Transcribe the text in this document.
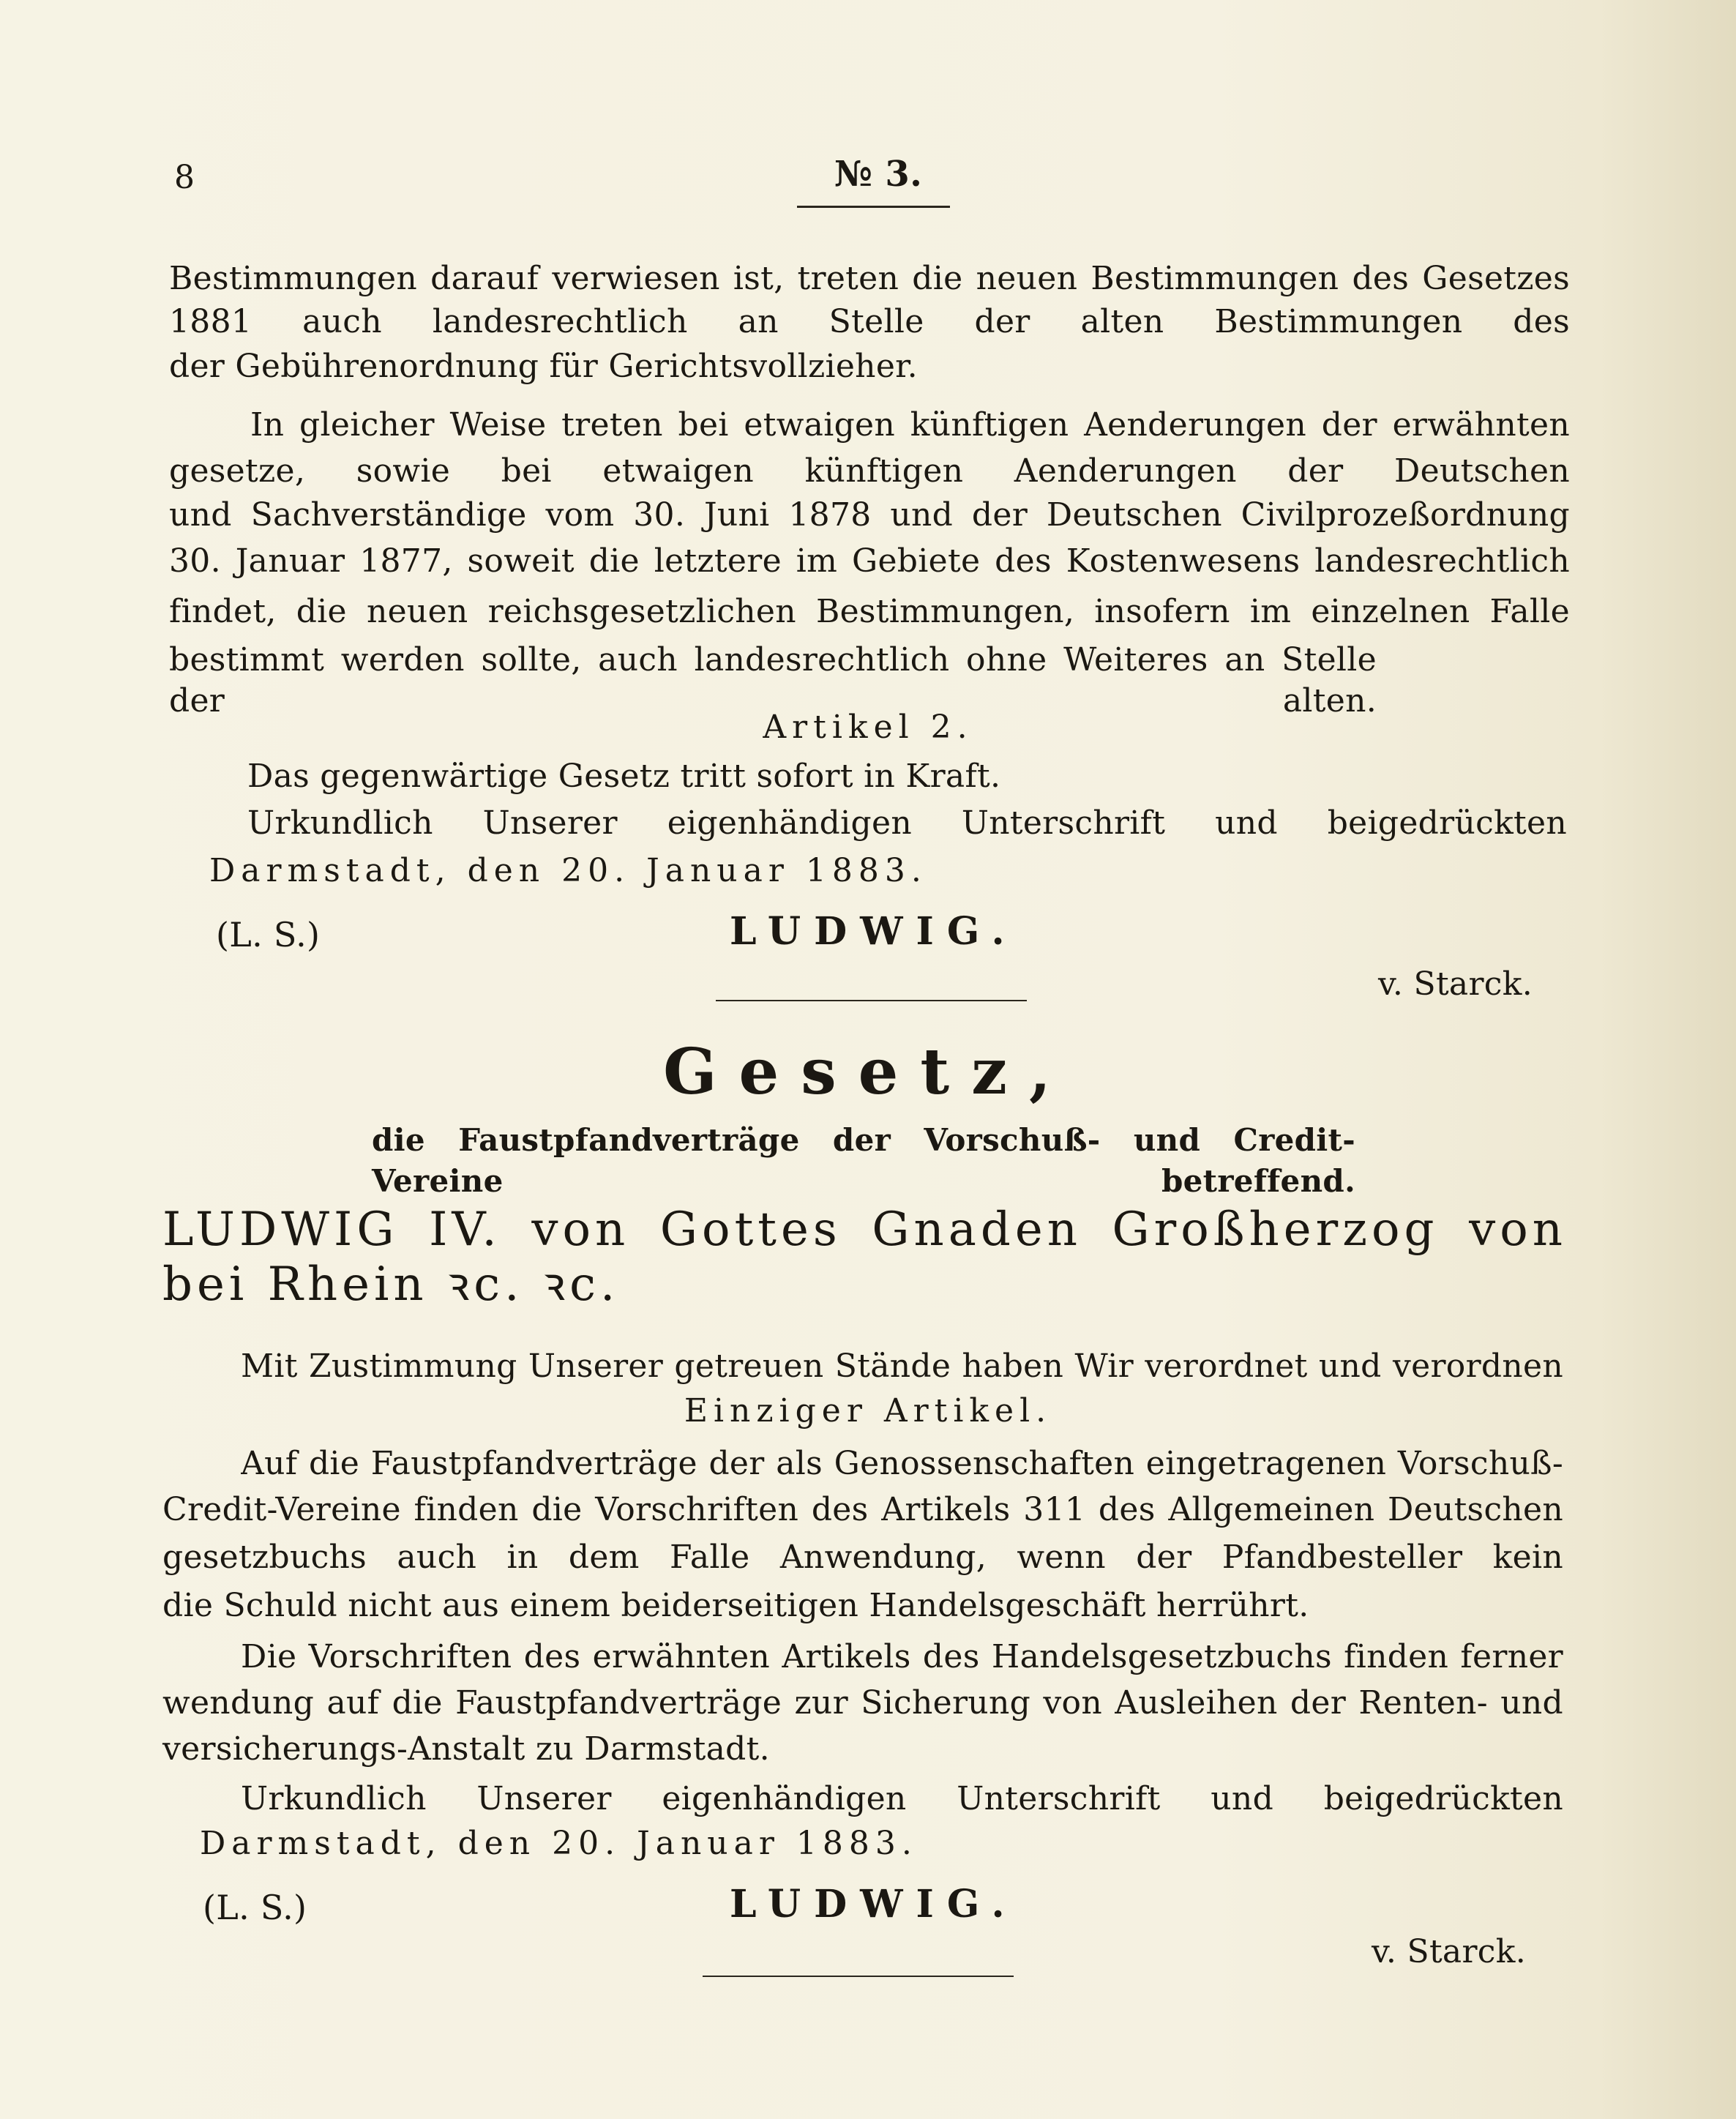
8	№ 3.
Bestimmungen darauf verwiesen ist, treten die neuen Bestimmungen des Gesetzes
1881 auch landesrechtlich an Stelle der alten Bestimmungen des
der Gebührenordnung für Gerichtsvollzieher.
In gleicher Weise treten bei etwaigen künftigen Aenderungen der erwähnten
gesetze, sowie bei etwaigen künftigen Aenderungen der Deutschen
und Sachverständige vom 30. Juni 1878 und der Deutschen Civilprozeßordnung
30. Januar 1877, soweit die letztere im Gebiete des Kostenwesens landesrechtlich
findet, die neuen reichsgesetzlichen Bestimmungen, insofern im einzelnen Falle
bestimmt werden sollte, auch landesrechtlich ohne Weiteres an Stelle der alten.
Artikel 2.
Das gegenwärtige Gesetz tritt sofort in Kraft.
Urkundlich Unserer eigenhändigen Unterschrift und beigedrückten
Darmstadt, den 20. Januar 1883.
(L. S.)	LUDWIG.
v. Starck.
Gesetz,
die Faustpfandverträge der Vorschuß- und Credit-Vereine betreffend.
LUDWIG IV. von Gottes Gnaden Großherzog von
bei Rhein ꝛc. ꝛc.
Mit Zustimmung Unserer getreuen Stände haben Wir verordnet und verordnen
Einziger Artikel.
Auf die Faustpfandverträge der als Genossenschaften eingetragenen Vorschuß-
Credit-Vereine finden die Vorschriften des Artikels 311 des Allgemeinen Deutschen
gesetzbuchs auch in dem Falle Anwendung, wenn der Pfandbesteller kein
die Schuld nicht aus einem beiderseitigen Handelsgeschäft herrührt.
Die Vorschriften des erwähnten Artikels des Handelsgesetzbuchs finden ferner
wendung auf die Faustpfandverträge zur Sicherung von Ausleihen der Renten- und
versicherungs-Anstalt zu Darmstadt.
Urkundlich Unserer eigenhändigen Unterschrift und beigedrückten
Darmstadt, den 20. Januar 1883.
(L. S.)	LUDWIG.
v. Starck.
